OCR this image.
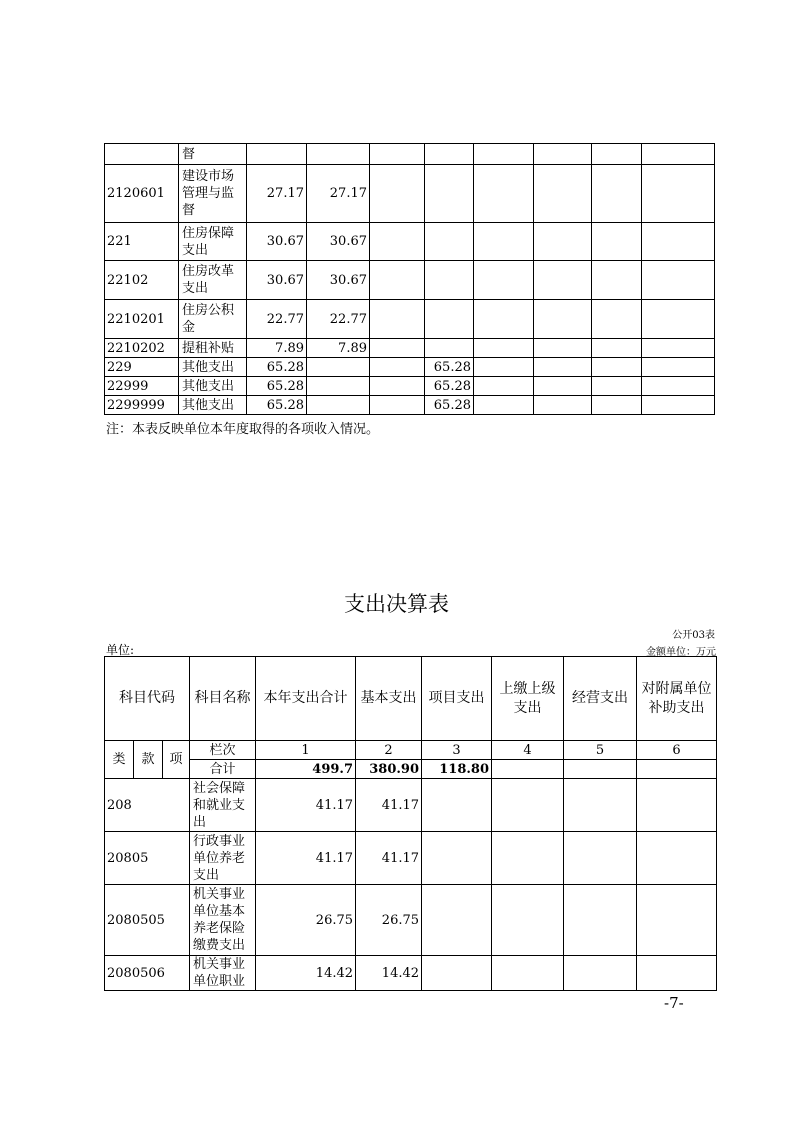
	督								
2120601	建设市场管理与监督	27.17	27.17						
221	住房保障支出	30.67	30.67						
22102	住房改革支出	30.67	30.67						
2210201	住房公积金	22.77	22.77						
2210202	提租补贴	7.89	7.89						
229	其他支出	65.28			65.28				
22999	其他支出	65.28			65.28				
2299999	其他支出	65.28			65.28				
注：本表反映单位本年度取得的各项收入情况。
支出决算表
公开03表
单位:	金额单位：万元
科目代码			科目名称	本年支出合计	基本支出	项目支出	上缴上级支出	经营支出	对附属单位补助支出
类	款	项	栏次	1	2	3	4	5	6
			合计	499.7	380.90	118.80			
208			社会保障和就业支出	41.17	41.17				
20805			行政事业单位养老支出	41.17	41.17				
2080505			机关事业单位基本养老保险缴费支出	26.75	26.75				
2080506			机关事业单位职业	14.42	14.42				
-7-
